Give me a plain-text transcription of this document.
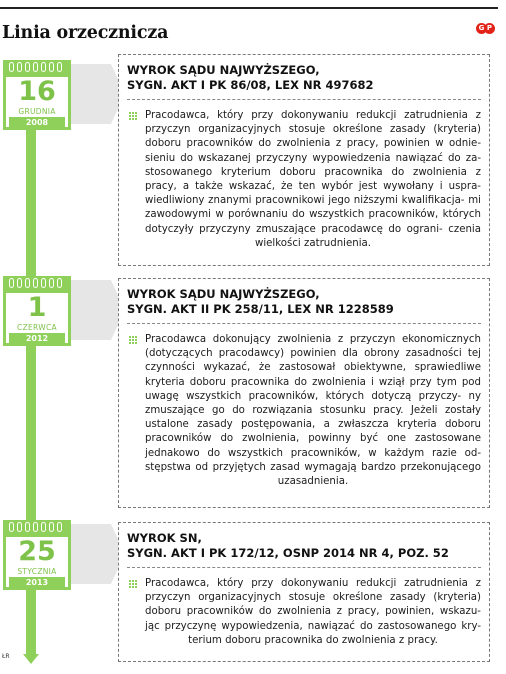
Linia orzecznicza	G P
16
GRUDNIA
2008
WYROK SĄDU NAJWYŻSZEGO,
SYGN. AKT I PK 86/08, LEX NR 497682
Pracodawca, który przy dokonywaniu redukcji zatrudnienia z przyczyn organizacyjnych stosuje określone zasady (kryteria) doboru pracowników do zwolnienia z pracy, powinien w odnie- sieniu do wskazanej przyczyny wypowiedzenia nawiązać do za- stosowanego kryterium doboru pracownika do zwolnienia z pracy, a także wskazać, że ten wybór jest wywołany i uspra- wiedliwiony znanymi pracownikowi jego niższymi kwalifikacja- mi zawodowymi w porównaniu do wszystkich pracowników, których dotyczyły przyczyny zmuszające pracodawcę do ograni- czenia wielkości zatrudnienia.
1
CZERWCA
2012
WYROK SĄDU NAJWYŻSZEGO,
SYGN. AKT II PK 258/11, LEX NR 1228589
Pracodawca dokonujący zwolnienia z przyczyn ekonomicznych (dotyczących pracodawcy) powinien dla obrony zasadności tej czynności wykazać, że zastosował obiektywne, sprawiedliwe kryteria doboru pracownika do zwolnienia i wziął przy tym pod uwagę wszystkich pracowników, których dotyczą przyczy- ny zmuszające go do rozwiązania stosunku pracy. Jeżeli zostały ustalone zasady postępowania, a zwłaszcza kryteria doboru pracowników do zwolnienia, powinny być one zastosowane jednakowo do wszystkich pracowników, w każdym razie od- stępstwa od przyjętych zasad wymagają bardzo przekonującego uzasadnienia.
25
STYCZNIA
2013
WYROK SN,
SYGN. AKT I PK 172/12, OSNP 2014 NR 4, POZ. 52
Pracodawca, który przy dokonywaniu redukcji zatrudnienia z przyczyn organizacyjnych stosuje określone zasady (kryteria) doboru pracowników do zwolnienia z pracy, powinien, wskazu- jąc przyczynę wypowiedzenia, nawiązać do zastosowanego kry- terium doboru pracownika do zwolnienia z pracy.
ŁR
